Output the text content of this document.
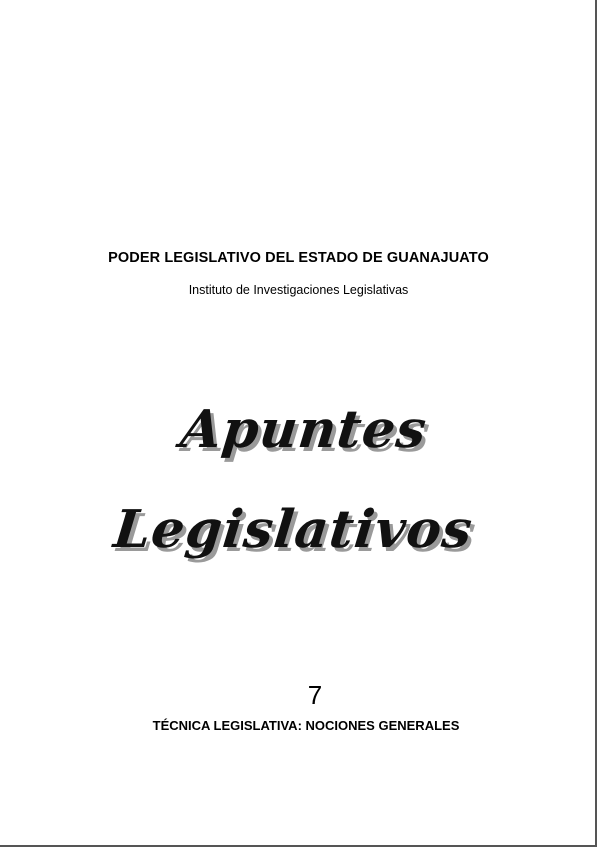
PODER LEGISLATIVO DEL ESTADO DE GUANAJUATO
Instituto de Investigaciones Legislativas
Apuntes Legislativos
7
TÉCNICA LEGISLATIVA: NOCIONES GENERALES
